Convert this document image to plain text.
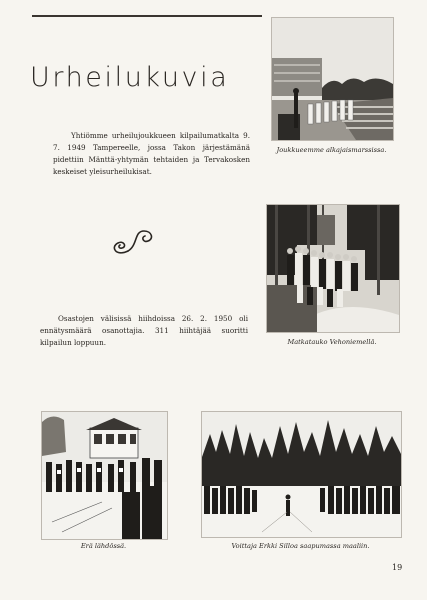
Urheilukuvia

Yhtiömme urheilujoukkueen kilpailumatkalta 9. 7. 1949 Tampereelle, jossa Takon järjestämänä pidettiin Mänttä-yhtymän tehtaiden ja Tervakosken keskeiset yleisurheilukisat.

Osastojen välisissä hiihdoissa 26. 2. 1950 oli ennätysmäärä osanottajia. 311 hiihtäjää suoritti kilpailun loppuun.

Joukkueemme alkajaismarssissa.
Matkatauko Vehoniemellä.
Erä lähdössä.	Voittaja Erkki Silloa saapumassa maaliin.
19
